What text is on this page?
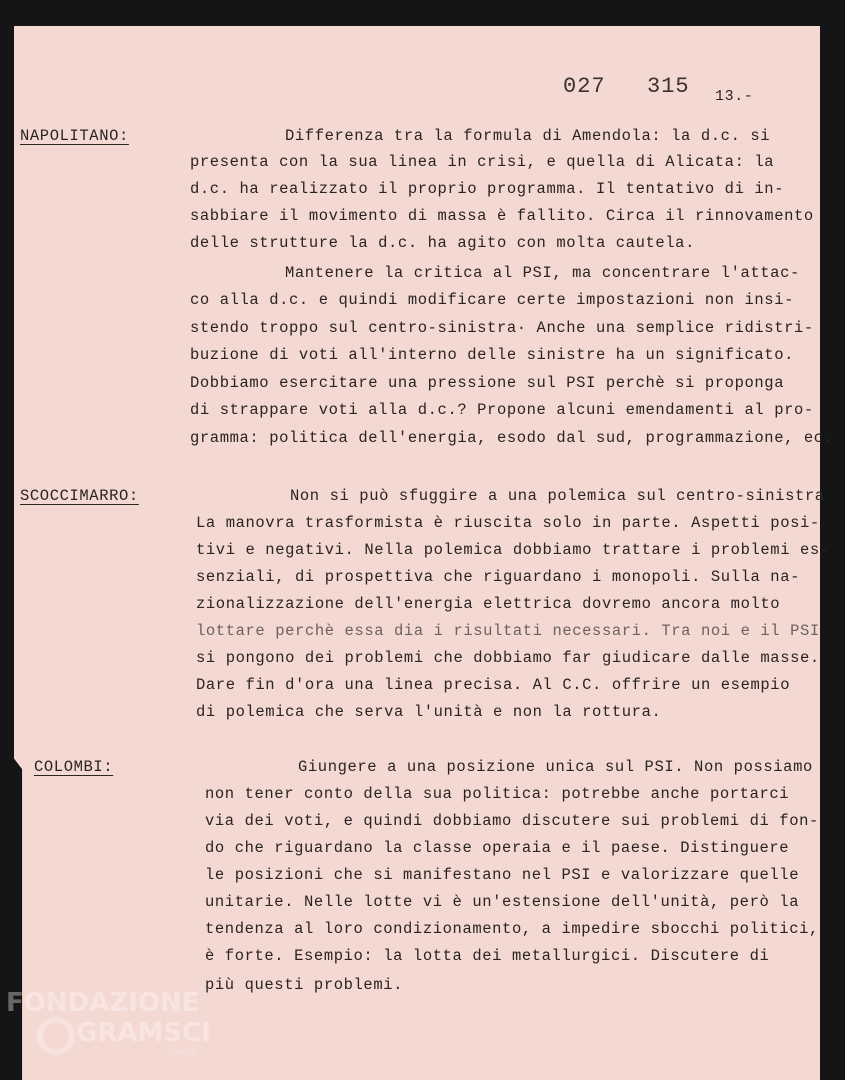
027 315 13.-
NAPOLITANO:	Differenza tra la formula di Amendola: la d.c. si
presenta con la sua linea in crisi, e quella di Alicata: la
d.c. ha realizzato il proprio programma. Il tentativo di in-
sabbiare il movimento di massa è fallito. Circa il rinnovamento
delle strutture la d.c. ha agito con molta cautela.
Mantenere la critica al PSI, ma concentrare l'attac-
co alla d.c. e quindi modificare certe impostazioni non insi-
stendo troppo sul centro-sinistra· Anche una semplice ridistri-
buzione di voti all'interno delle sinistre ha un significato.
Dobbiamo esercitare una pressione sul PSI perchè si proponga
di strappare voti alla d.c.? Propone alcuni emendamenti al pro-
gramma: politica dell'energia, esodo dal sud, programmazione, ec.
SCOCCIMARRO:	Non si può sfuggire a una polemica sul centro-sinistra
La manovra trasformista è riuscita solo in parte. Aspetti posi-
tivi e negativi. Nella polemica dobbiamo trattare i problemi es-
senziali, di prospettiva che riguardano i monopoli. Sulla na-
zionalizzazione dell'energia elettrica dovremo ancora molto
lottare perchè essa dia i risultati necessari. Tra noi e il PSI
si pongono dei problemi che dobbiamo far giudicare dalle masse.
Dare fin d'ora una linea precisa. Al C.C. offrire un esempio
di polemica che serva l'unità e non la rottura.
COLOMBI:	Giungere a una posizione unica sul PSI. Non possiamo
non tener conto della sua politica: potrebbe anche portarci
via dei voti, e quindi dobbiamo discutere sui problemi di fon-
do che riguardano la classe operaia e il paese. Distinguere
le posizioni che si manifestano nel PSI e valorizzare quelle
unitarie. Nelle lotte vi è un'estensione dell'unità, però la
tendenza al loro condizionamento, a impedire sbocchi politici,
è forte. Esempio: la lotta dei metallurgici. Discutere di
più questi problemi.
FONDAZIONE
GRAMSCI
ONLUS
